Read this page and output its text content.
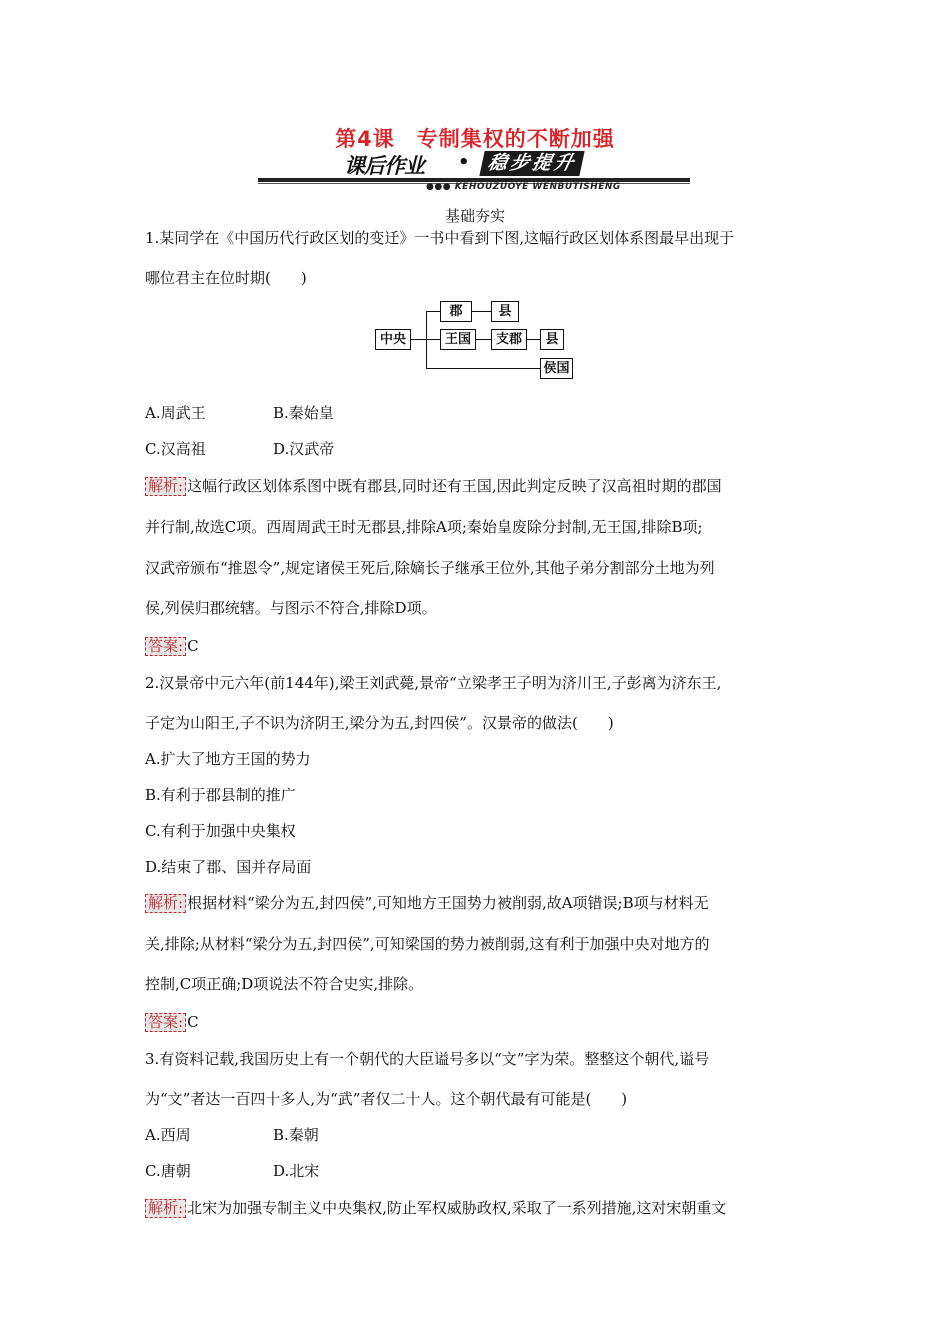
第4课　专制集权的不断加强
课后作业 • 稳步提升
●●● KEHOUZUOYE WENBUTISHENG
基础夯实
1.某同学在《中国历代行政区划的变迁》一书中看到下图,这幅行政区划体系图最早出现于
哪位君主在位时期(　　)
中央
郡	县
王国	支郡	县
侯国
A.周武王	B.秦始皇
C.汉高祖	D.汉武帝
解析: 这幅行政区划体系图中既有郡县,同时还有王国,因此判定反映了汉高祖时期的郡国
并行制,故选C项。西周周武王时无郡县,排除A项;秦始皇废除分封制,无王国,排除B项;
汉武帝颁布“推恩令”,规定诸侯王死后,除嫡长子继承王位外,其他子弟分割部分土地为列
侯,列侯归郡统辖。与图示不符合,排除D项。
答案: C
2.汉景帝中元六年(前144年),梁王刘武薨,景帝“立梁孝王子明为济川王,子彭离为济东王,
子定为山阳王,子不识为济阴王,梁分为五,封四侯”。汉景帝的做法(　　)
A.扩大了地方王国的势力
B.有利于郡县制的推广
C.有利于加强中央集权
D.结束了郡、国并存局面
解析: 根据材料“梁分为五,封四侯”,可知地方王国势力被削弱,故A项错误;B项与材料无
关,排除;从材料“梁分为五,封四侯”,可知梁国的势力被削弱,这有利于加强中央对地方的
控制,C项正确;D项说法不符合史实,排除。
答案: C
3.有资料记载,我国历史上有一个朝代的大臣谥号多以“文”字为荣。整整这个朝代,谥号
为“文”者达一百四十多人,为“武”者仅二十人。这个朝代最有可能是(　　)
A.西周	B.秦朝
C.唐朝	D.北宋
解析: 北宋为加强专制主义中央集权,防止军权威胁政权,采取了一系列措施,这对宋朝重文
